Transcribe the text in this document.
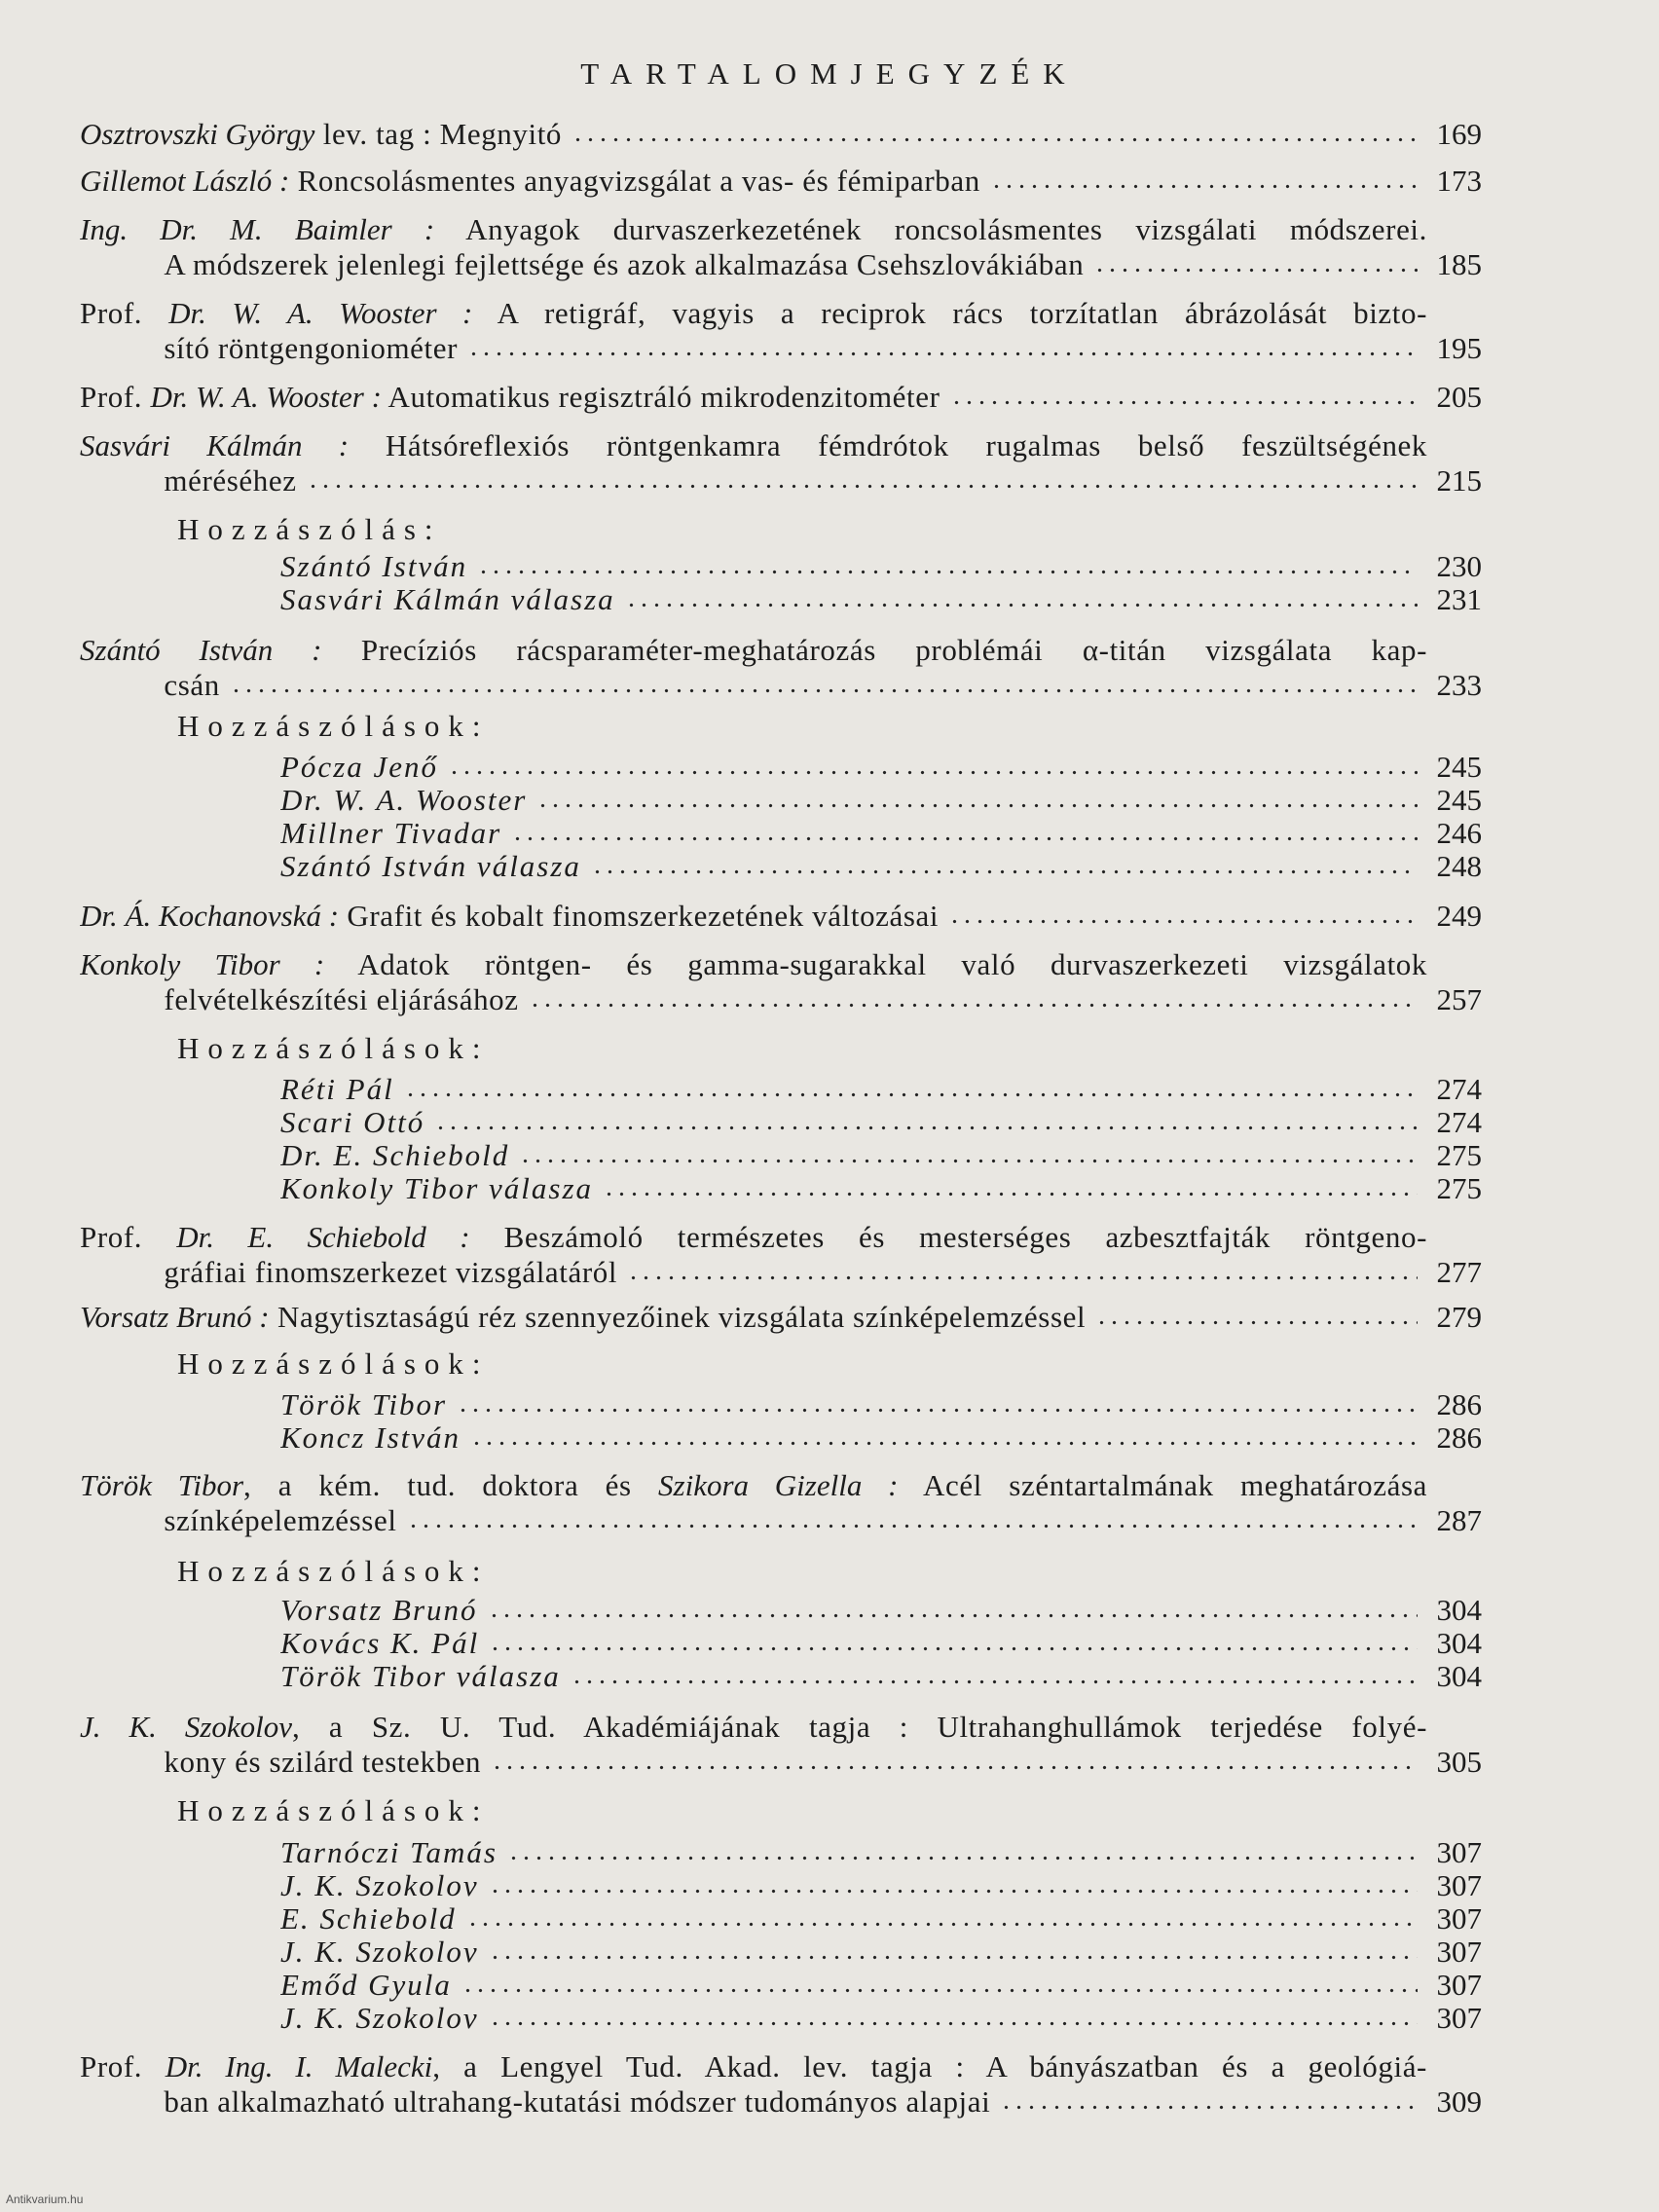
TARTALOMJEGYZÉK
Osztrovszki György lev. tag : Megnyitó	169
Gillemot László : Roncsolásmentes anyagvizsgálat a vas- és fémiparban	173
Ing. Dr. M. Baimler : Anyagok durvaszerkezetének roncsolásmentes vizsgálati módszerei.
A módszerek jelenlegi fejlettsége és azok alkalmazása Csehszlovákiában	185
Prof. Dr. W. A. Wooster : A retigráf, vagyis a reciprok rács torzítatlan ábrázolását bizto-
sító röntgengoniométer	195
Prof. Dr. W. A. Wooster : Automatikus regisztráló mikrodenzitométer	205
Sasvári Kálmán : Hátsóreflexiós röntgenkamra fémdrótok rugalmas belső feszültségének
méréséhez	215
Hozzászólás:
Szántó István	230
Sasvári Kálmán válasza	231
Szántó István : Precíziós rácsparaméter-meghatározás problémái α-titán vizsgálata kap-
csán	233
Hozzászólások:
Pócza Jenő	245
Dr. W. A. Wooster	245
Millner Tivadar	246
Szántó István válasza	248
Dr. Á. Kochanovská : Grafit és kobalt finomszerkezetének változásai	249
Konkoly Tibor : Adatok röntgen- és gamma-sugarakkal való durvaszerkezeti vizsgálatok
felvételkészítési eljárásához	257
Hozzászólások:
Réti Pál	274
Scari Ottó	274
Dr. E. Schiebold	275
Konkoly Tibor válasza	275
Prof. Dr. E. Schiebold : Beszámoló természetes és mesterséges azbesztfajták röntgeno-
gráfiai finomszerkezet vizsgálatáról	277
Vorsatz Brunó : Nagytisztaságú réz szennyezőinek vizsgálata színképelemzéssel	279
Hozzászólások:
Török Tibor	286
Koncz István	286
Török Tibor, a kém. tud. doktora és Szikora Gizella : Acél széntartalmának meghatározása
színképelemzéssel	287
Hozzászólások:
Vorsatz Brunó	304
Kovács K. Pál	304
Török Tibor válasza	304
J. K. Szokolov, a Sz. U. Tud. Akadémiájának tagja : Ultrahanghullámok terjedése folyé-
kony és szilárd testekben	305
Hozzászólások:
Tarnóczi Tamás	307
J. K. Szokolov	307
E. Schiebold	307
J. K. Szokolov	307
Emőd Gyula	307
J. K. Szokolov	307
Prof. Dr. Ing. I. Malecki, a Lengyel Tud. Akad. lev. tagja : A bányászatban és a geológiá-
ban alkalmazható ultrahang-kutatási módszer tudományos alapjai	309
Antikvarium.hu
